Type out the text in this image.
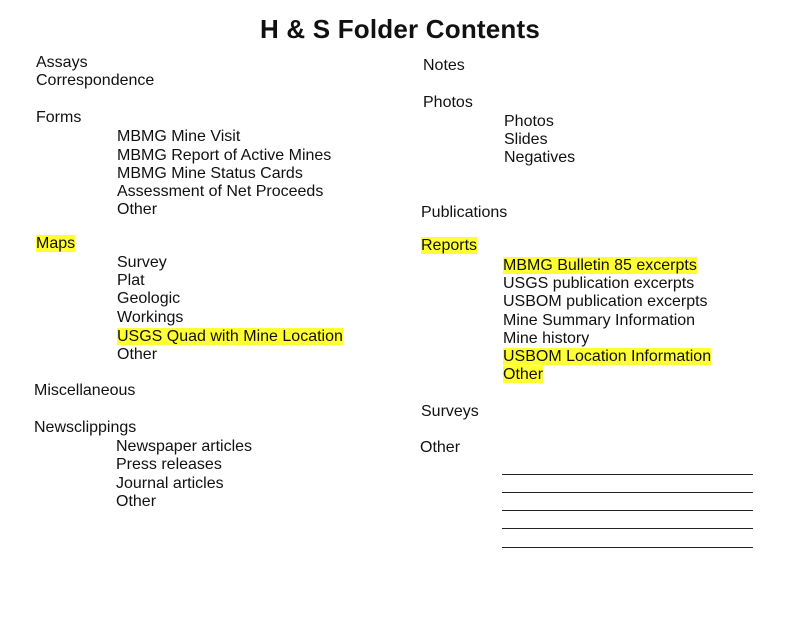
H & S Folder Contents
Assays
Correspondence
Forms
MBMG Mine Visit
MBMG Report of Active Mines
MBMG Mine Status Cards
Assessment of Net Proceeds
Other
Maps
Survey
Plat
Geologic
Workings
USGS Quad with Mine Location
Other
Miscellaneous
Newsclippings
Newspaper articles
Press releases
Journal articles
Other
Notes
Photos
Photos
Slides
Negatives
Publications
Reports
MBMG Bulletin 85 excerpts
USGS publication excerpts
USBOM publication excerpts
Mine Summary Information
Mine history
USBOM Location Information
Other
Surveys
Other
